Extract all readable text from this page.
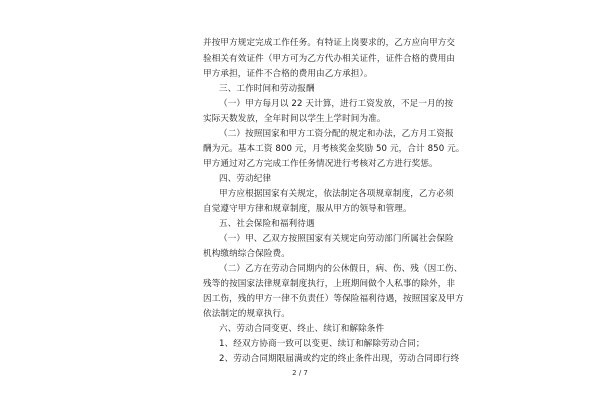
并按甲方规定完成工作任务。有特证上岗要求的，乙方应向甲方交
验相关有效证件（甲方可为乙方代办相关证件，证件合格的费用由
甲方承担，证件不合格的费用由乙方承担）。
三、工作时间和劳动报酬
（一）甲方每月以 22 天计算，进行工资发放，不足一月的按
实际天数发放，全年时间以学生上学时间为准。
（二）按照国家和甲方工资分配的规定和办法，乙方月工资报
酬为元。基本工资 800 元，月考核奖金奖励 50 元，合计 850 元。
甲方通过对乙方完成工作任务情况进行考核对乙方进行奖惩。
四、劳动纪律
甲方应根据国家有关规定，依法制定各项规章制度，乙方必须
自觉遵守甲方律和规章制度，服从甲方的领导和管理。
五、社会保险和福利待遇
（一）甲、乙双方按照国家有关规定向劳动部门所属社会保险
机构缴纳综合保险费。
（二）乙方在劳动合同期内的公休假日，病、伤、残（因工伤、
残等的按国家法律规章制度执行，上班期间做个人私事的除外，非
因工伤，残的甲方一律不负责任）等保险福利待遇，按照国家及甲方
依法制定的规章执行。
六、劳动合同变更、终止、续订和解除条件
1、经双方协商一致可以变更、续订和解除劳动合同；
2、劳动合同期限届满或约定的终止条件出现，劳动合同即行终
2 / 7
